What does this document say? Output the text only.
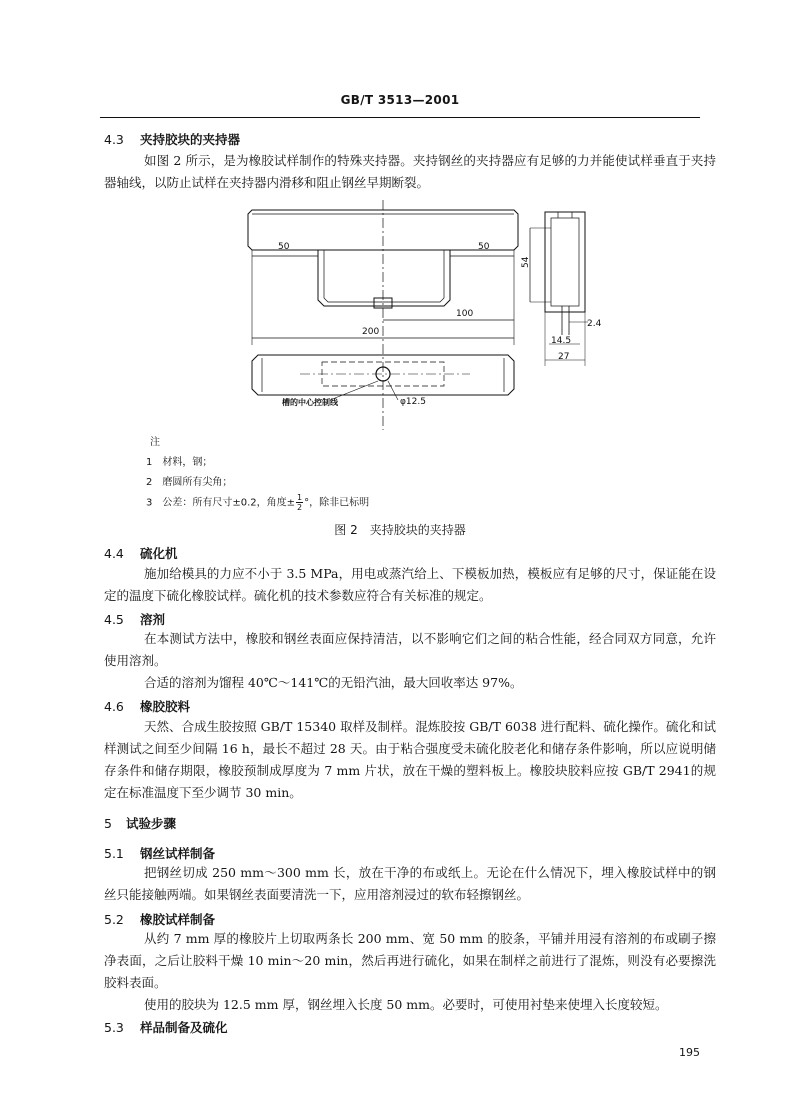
GB/T 3513—2001
4.3 夹持胶块的夹持器
如图 2 所示，是为橡胶试样制作的特殊夹持器。夹持钢丝的夹持器应有足够的力并能使试样垂直于夹持器轴线，以防止试样在夹持器内滑移和阻止钢丝早期断裂。
50	50
100
200
54
2.4
14.5
27
φ12.5
槽的中心控制线
注
1　材料，钢；
2　磨圆所有尖角；
3　公差：所有尺寸±0.2，角度± $\frac{1}{2}$ °，除非已标明
图 2　夹持胶块的夹持器
4.4 硫化机
施加给模具的力应不小于 3.5 MPa，用电或蒸汽给上、下模板加热，模板应有足够的尺寸，保证能在设定的温度下硫化橡胶试样。硫化机的技术参数应符合有关标准的规定。
4.5 溶剂
在本测试方法中，橡胶和钢丝表面应保持清洁，以不影响它们之间的粘合性能，经合同双方同意，允许使用溶剂。
合适的溶剂为馏程 40℃～141℃的无铅汽油，最大回收率达 97%。
4.6 橡胶胶料
天然、合成生胶按照 GB/T 15340 取样及制样。混炼胶按 GB/T 6038 进行配料、硫化操作。硫化和试样测试之间至少间隔 16 h，最长不超过 28 天。由于粘合强度受未硫化胶老化和储存条件影响，所以应说明储存条件和储存期限，橡胶预制成厚度为 7 mm 片状，放在干燥的塑料板上。橡胶块胶料应按 GB/T 2941的规定在标准温度下至少调节 30 min。
5 试验步骤
5.1 钢丝试样制备
把钢丝切成 250 mm～300 mm 长，放在干净的布或纸上。无论在什么情况下，埋入橡胶试样中的钢丝只能接触两端。如果钢丝表面要清洗一下，应用溶剂浸过的软布轻擦钢丝。
5.2 橡胶试样制备
从约 7 mm 厚的橡胶片上切取两条长 200 mm、宽 50 mm 的胶条，平铺并用浸有溶剂的布或刷子擦净表面，之后让胶料干燥 10 min～20 min，然后再进行硫化，如果在制样之前进行了混炼，则没有必要擦洗胶料表面。
使用的胶块为 12.5 mm 厚，钢丝埋入长度 50 mm。必要时，可使用衬垫来使埋入长度较短。
5.3 样品制备及硫化
195
